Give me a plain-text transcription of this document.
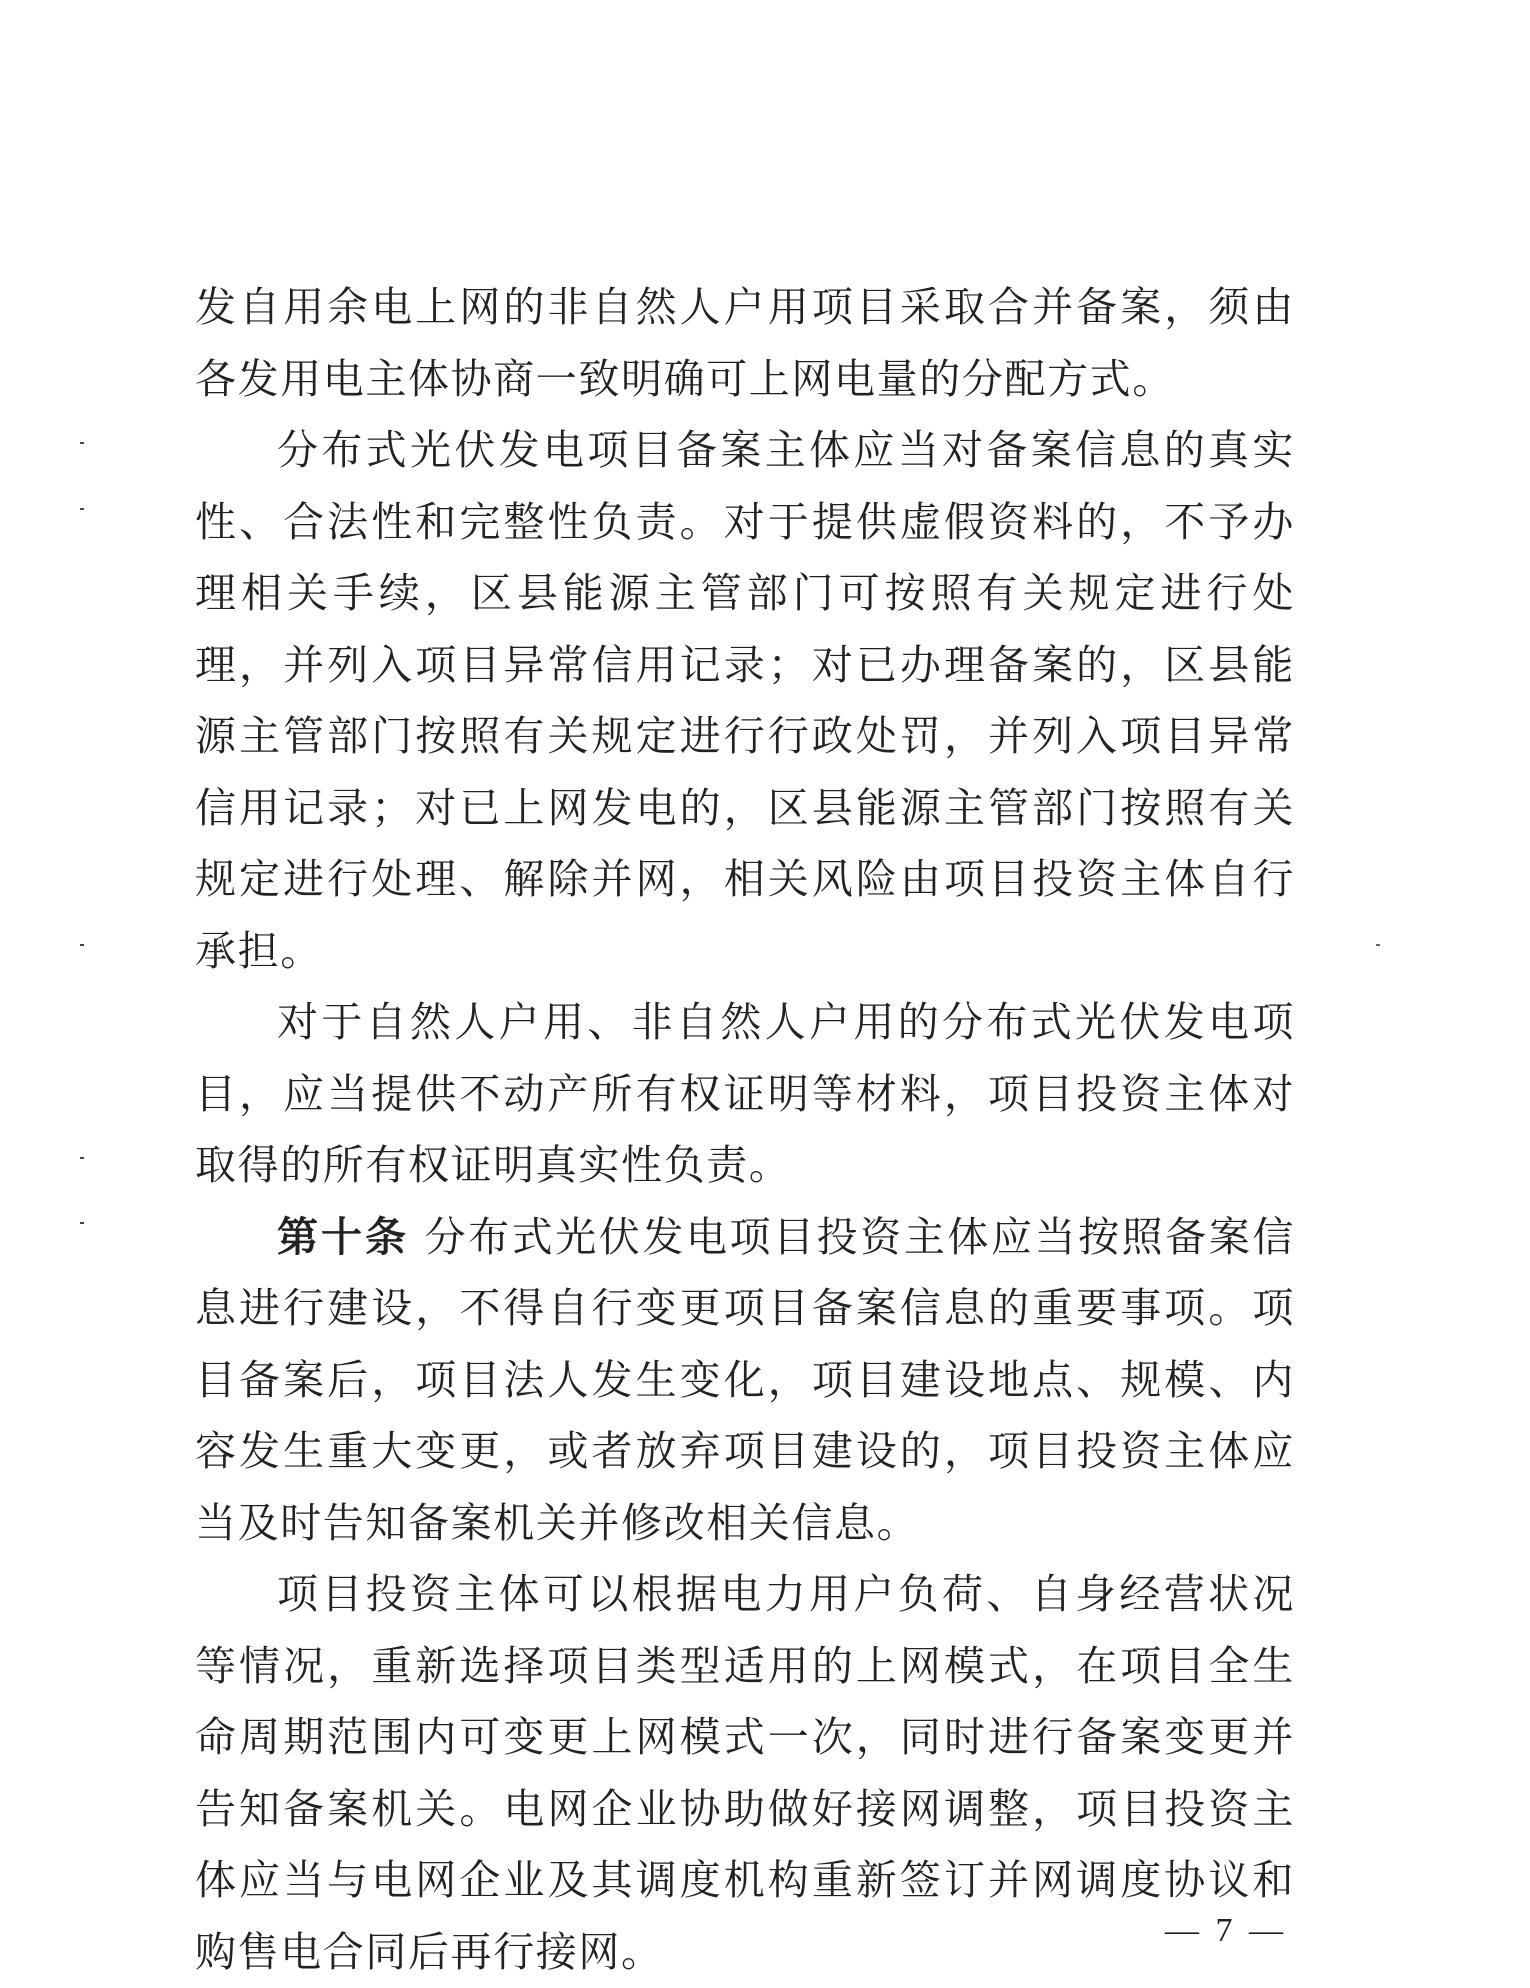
发自用余电上网的非自然人户用项目采取合并备案，须由各发用电主体协商一致明确可上网电量的分配方式。

分布式光伏发电项目备案主体应当对备案信息的真实性、合法性和完整性负责。对于提供虚假资料的，不予办理相关手续，区县能源主管部门可按照有关规定进行处理，并列入项目异常信用记录；对已办理备案的，区县能源主管部门按照有关规定进行行政处罚，并列入项目异常信用记录；对已上网发电的，区县能源主管部门按照有关规定进行处理、解除并网，相关风险由项目投资主体自行承担。

对于自然人户用、非自然人户用的分布式光伏发电项目，应当提供不动产所有权证明等材料，项目投资主体对取得的所有权证明真实性负责。

第十条 分布式光伏发电项目投资主体应当按照备案信息进行建设，不得自行变更项目备案信息的重要事项。项目备案后，项目法人发生变化，项目建设地点、规模、内容发生重大变更，或者放弃项目建设的，项目投资主体应当及时告知备案机关并修改相关信息。

项目投资主体可以根据电力用户负荷、自身经营状况等情况，重新选择项目类型适用的上网模式，在项目全生命周期范围内可变更上网模式一次，同时进行备案变更并告知备案机关。电网企业协助做好接网调整，项目投资主体应当与电网企业及其调度机构重新签订并网调度协议和购售电合同后再行接网。	— 7 —
